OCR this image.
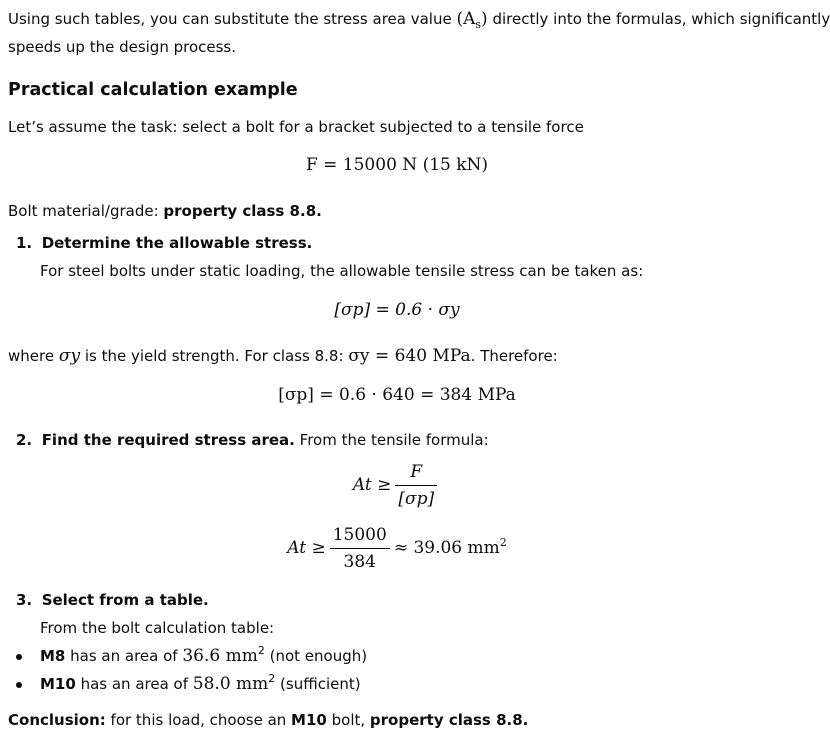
Using such tables, you can substitute the stress area value $(A_s)$ directly into the formulas, which significantly
speeds up the design process.
Practical calculation example
Let’s assume the task: select a bolt for a bracket subjected to a tensile force
F = 15000 N (15 kN)
Bolt material/grade: property class 8.8.
1. Determine the allowable stress.
For steel bolts under static loading, the allowable tensile stress can be taken as:
[σp] = 0.6 · σy
where σy is the yield strength. For class 8.8: σy = 640 MPa. Therefore:
[σp] = 0.6 · 640 = 384 MPa
2. Find the required stress area. From the tensile formula:
$At \ge \frac{F}{[\sigma p]}$
$At \ge \frac{15000}{384} \approx 39.06$ $mm^2$
3. Select from a table.
From the bolt calculation table:
M8 has an area of 36.6 $mm^2$ (not enough)
M10 has an area of 58.0 $mm^2$ (sufficient)
Conclusion: for this load, choose an M10 bolt, property class 8.8.
